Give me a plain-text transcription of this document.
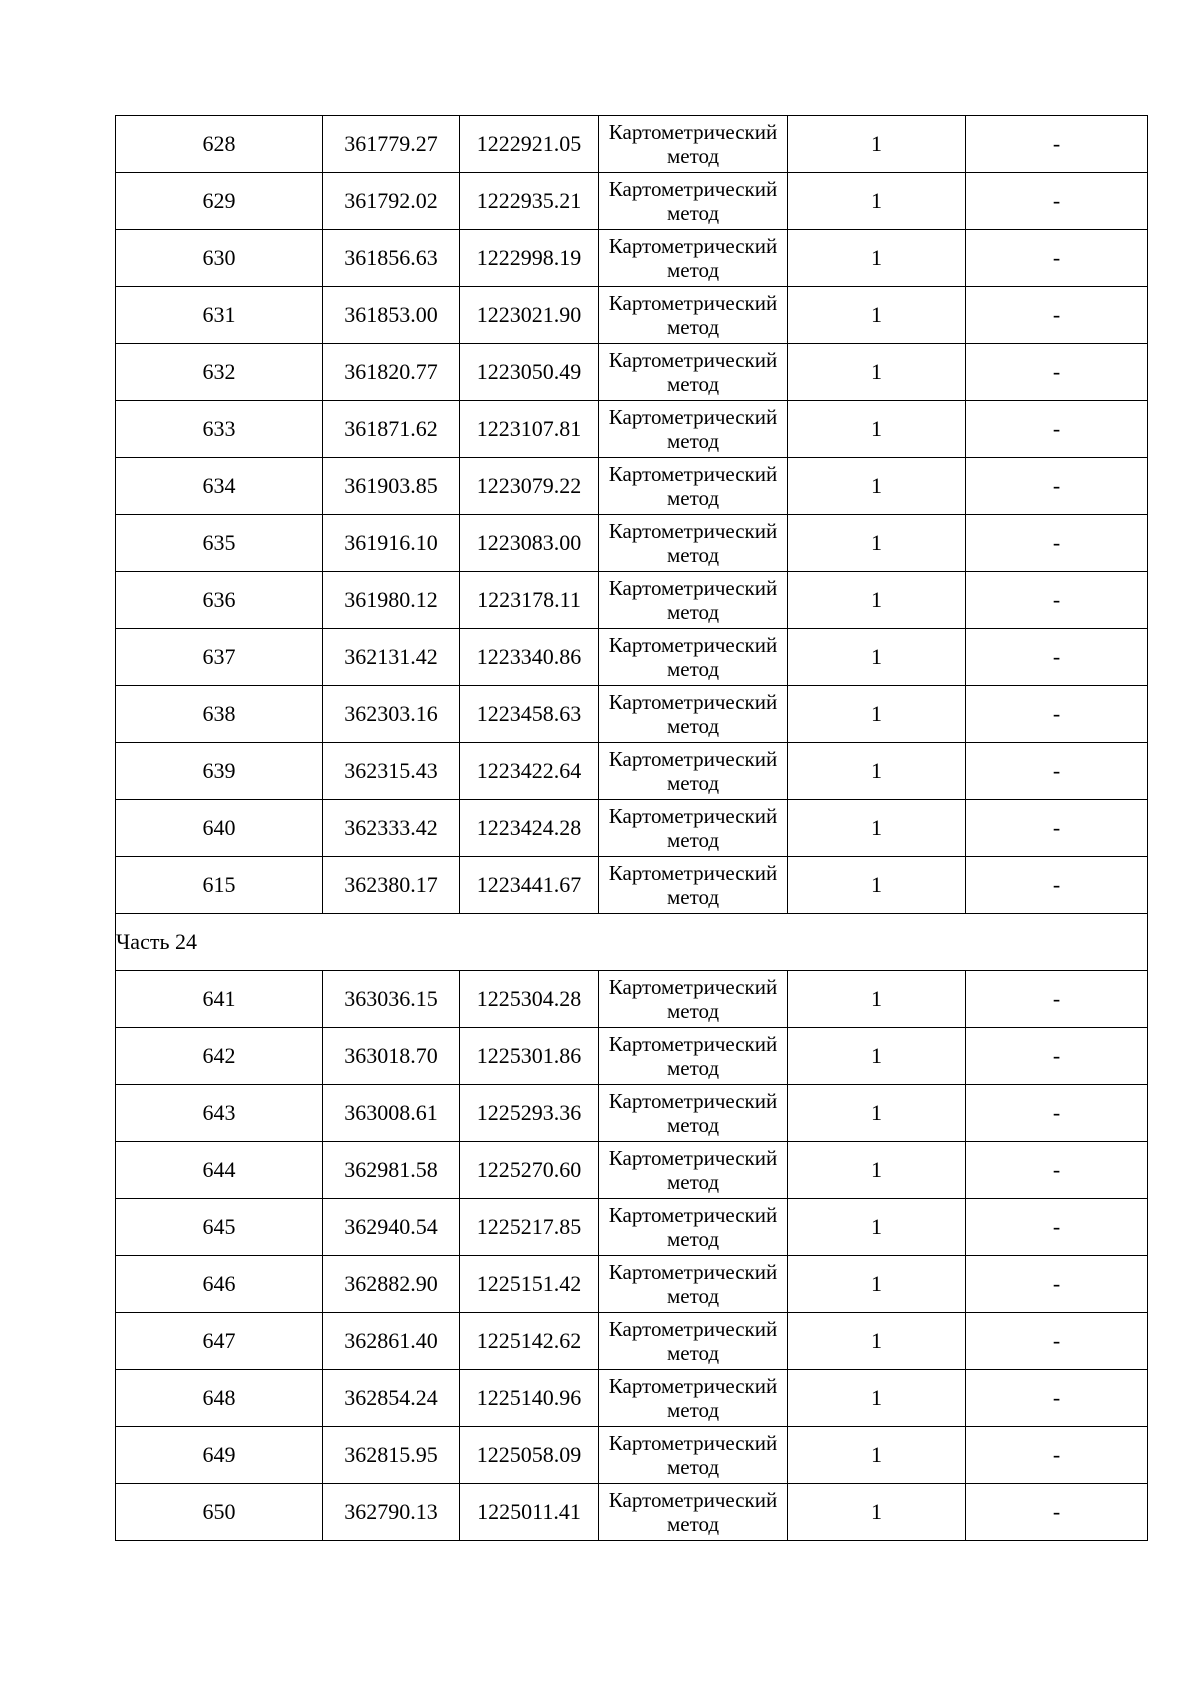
628	361779.27	1222921.05	Картометрический метод	1	-
629	361792.02	1222935.21	Картометрический метод	1	-
630	361856.63	1222998.19	Картометрический метод	1	-
631	361853.00	1223021.90	Картометрический метод	1	-
632	361820.77	1223050.49	Картометрический метод	1	-
633	361871.62	1223107.81	Картометрический метод	1	-
634	361903.85	1223079.22	Картометрический метод	1	-
635	361916.10	1223083.00	Картометрический метод	1	-
636	361980.12	1223178.11	Картометрический метод	1	-
637	362131.42	1223340.86	Картометрический метод	1	-
638	362303.16	1223458.63	Картометрический метод	1	-
639	362315.43	1223422.64	Картометрический метод	1	-
640	362333.42	1223424.28	Картометрический метод	1	-
615	362380.17	1223441.67	Картометрический метод	1	-
Часть 24					
641	363036.15	1225304.28	Картометрический метод	1	-
642	363018.70	1225301.86	Картометрический метод	1	-
643	363008.61	1225293.36	Картометрический метод	1	-
644	362981.58	1225270.60	Картометрический метод	1	-
645	362940.54	1225217.85	Картометрический метод	1	-
646	362882.90	1225151.42	Картометрический метод	1	-
647	362861.40	1225142.62	Картометрический метод	1	-
648	362854.24	1225140.96	Картометрический метод	1	-
649	362815.95	1225058.09	Картометрический метод	1	-
650	362790.13	1225011.41	Картометрический метод	1	-
